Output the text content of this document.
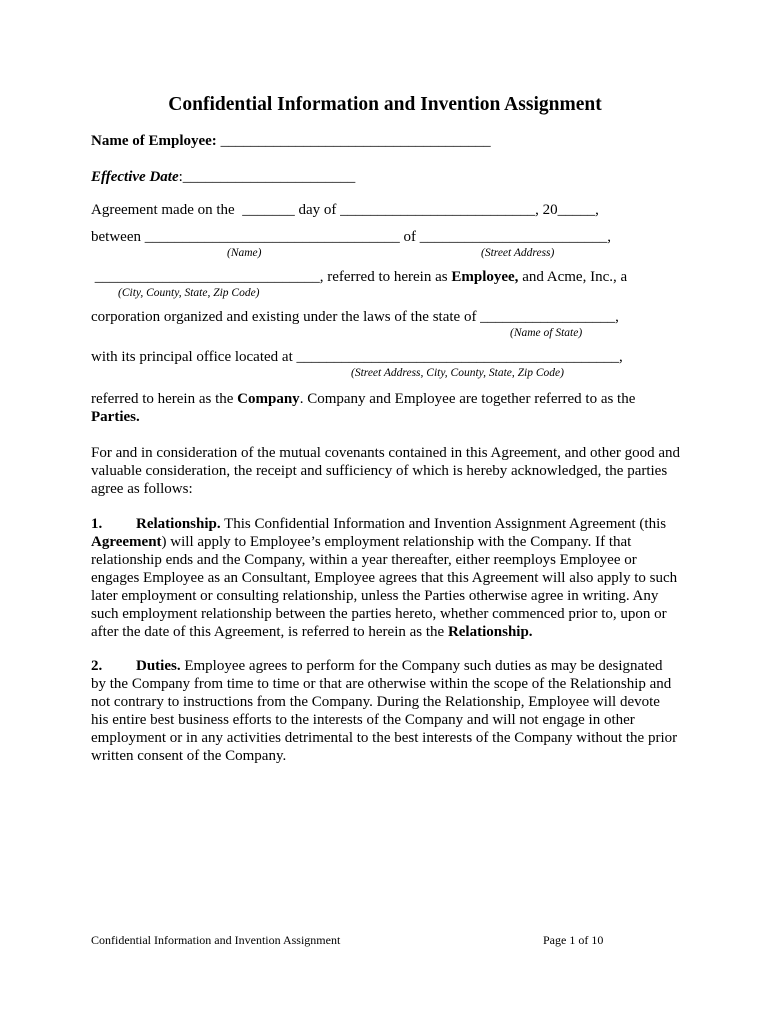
Confidential Information and Invention Assignment
Name of Employee: ____________________________________
Effective Date:_______________________
Agreement made on the  _______ day of __________________________, 20_____,
between __________________________________ of _________________________,
(Name)	(Street Address)
______________________________, referred to herein as Employee, and Acme, Inc., a
(City, County, State, Zip Code)
corporation organized and existing under the laws of the state of __________________,
(Name of State)
with its principal office located at ___________________________________________,
(Street Address, City, County, State, Zip Code)

referred to herein as the Company. Company and Employee are together referred to as the Parties.

For and in consideration of the mutual covenants contained in this Agreement, and other good and valuable consideration, the receipt and sufficiency of which is hereby acknowledged, the parties agree as follows:

1. Relationship. This Confidential Information and Invention Assignment Agreement (this Agreement) will apply to Employee’s employment relationship with the Company. If that relationship ends and the Company, within a year thereafter, either reemploys Employee or engages Employee as an Consultant, Employee agrees that this Agreement will also apply to such later employment or consulting relationship, unless the Parties otherwise agree in writing. Any such employment relationship between the parties hereto, whether commenced prior to, upon or after the date of this Agreement, is referred to herein as the Relationship.

2. Duties. Employee agrees to perform for the Company such duties as may be designated by the Company from time to time or that are otherwise within the scope of the Relationship and not contrary to instructions from the Company. During the Relationship, Employee will devote his entire best business efforts to the interests of the Company and will not engage in other employment or in any activities detrimental to the best interests of the Company without the prior written consent of the Company.

Confidential Information and Invention Assignment	Page 1 of 10
